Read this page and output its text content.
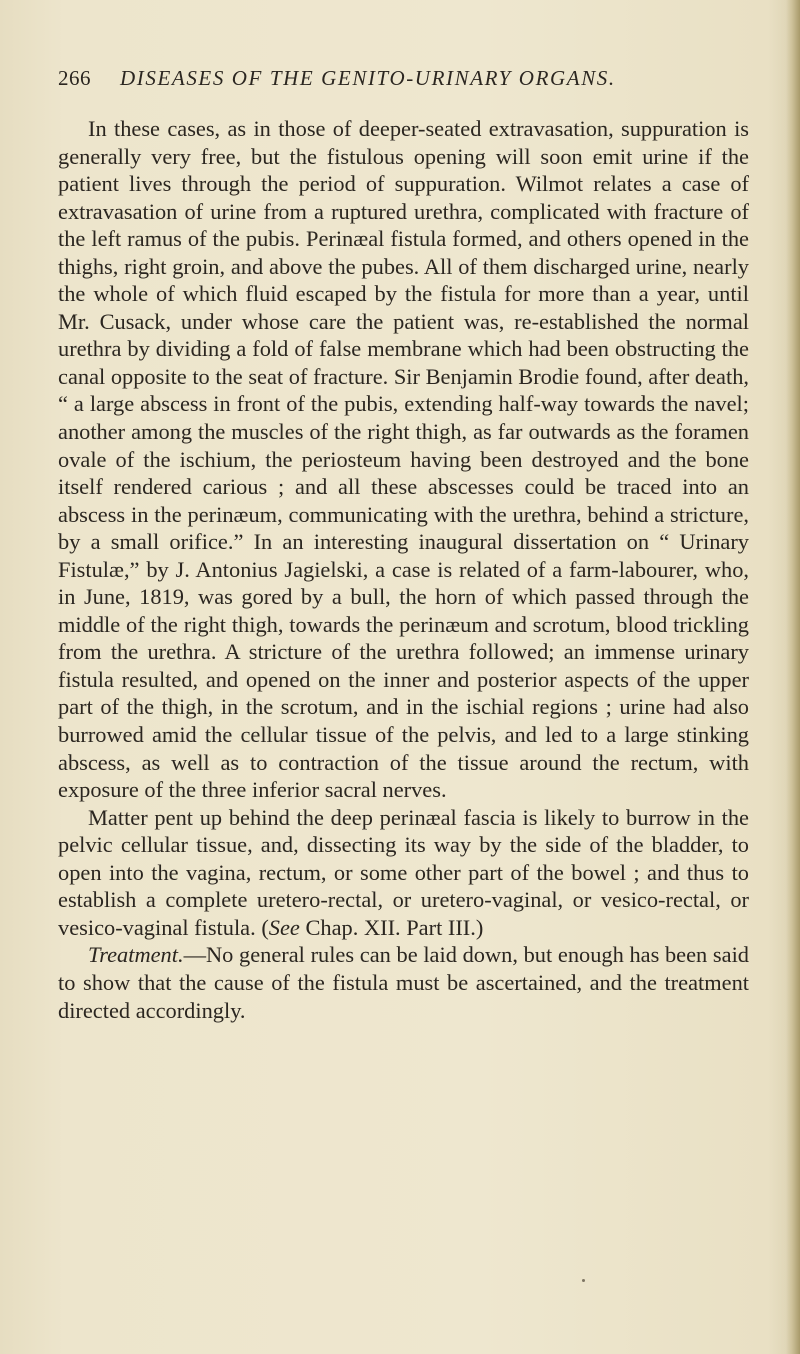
266 DISEASES OF THE GENITO-URINARY ORGANS.

In these cases, as in those of deeper-seated extravasation, suppuration is generally very free, but the fistulous opening will soon emit urine if the patient lives through the period of suppuration. Wilmot relates a case of extravasation of urine from a ruptured urethra, complicated with fracture of the left ramus of the pubis. Perinæal fistula formed, and others opened in the thighs, right groin, and above the pubes. All of them discharged urine, nearly the whole of which fluid escaped by the fistula for more than a year, until Mr. Cusack, under whose care the patient was, re-established the normal urethra by dividing a fold of false membrane which had been obstructing the canal opposite to the seat of fracture. Sir Benjamin Brodie found, after death, “ a large abscess in front of the pubis, extending half-way towards the navel; another among the muscles of the right thigh, as far outwards as the foramen ovale of the ischium, the periosteum having been destroyed and the bone itself rendered carious ; and all these abscesses could be traced into an abscess in the perinæum, communicating with the urethra, behind a stricture, by a small orifice.” In an interesting inaugural dissertation on “ Urinary Fistulæ,” by J. Antonius Jagielski, a case is related of a farm-labourer, who, in June, 1819, was gored by a bull, the horn of which passed through the middle of the right thigh, towards the perinæum and scrotum, blood trickling from the urethra. A stricture of the urethra followed; an immense urinary fistula resulted, and opened on the inner and posterior aspects of the upper part of the thigh, in the scrotum, and in the ischial regions ; urine had also burrowed amid the cellular tissue of the pelvis, and led to a large stinking abscess, as well as to contraction of the tissue around the rectum, with exposure of the three inferior sacral nerves.

Matter pent up behind the deep perinæal fascia is likely to burrow in the pelvic cellular tissue, and, dissecting its way by the side of the bladder, to open into the vagina, rectum, or some other part of the bowel ; and thus to establish a complete uretero-rectal, or uretero-vaginal, or vesico-rectal, or vesico-vaginal fistula. (See Chap. XII. Part III.)

Treatment.—No general rules can be laid down, but enough has been said to show that the cause of the fistula must be ascertained, and the treatment directed accordingly.
